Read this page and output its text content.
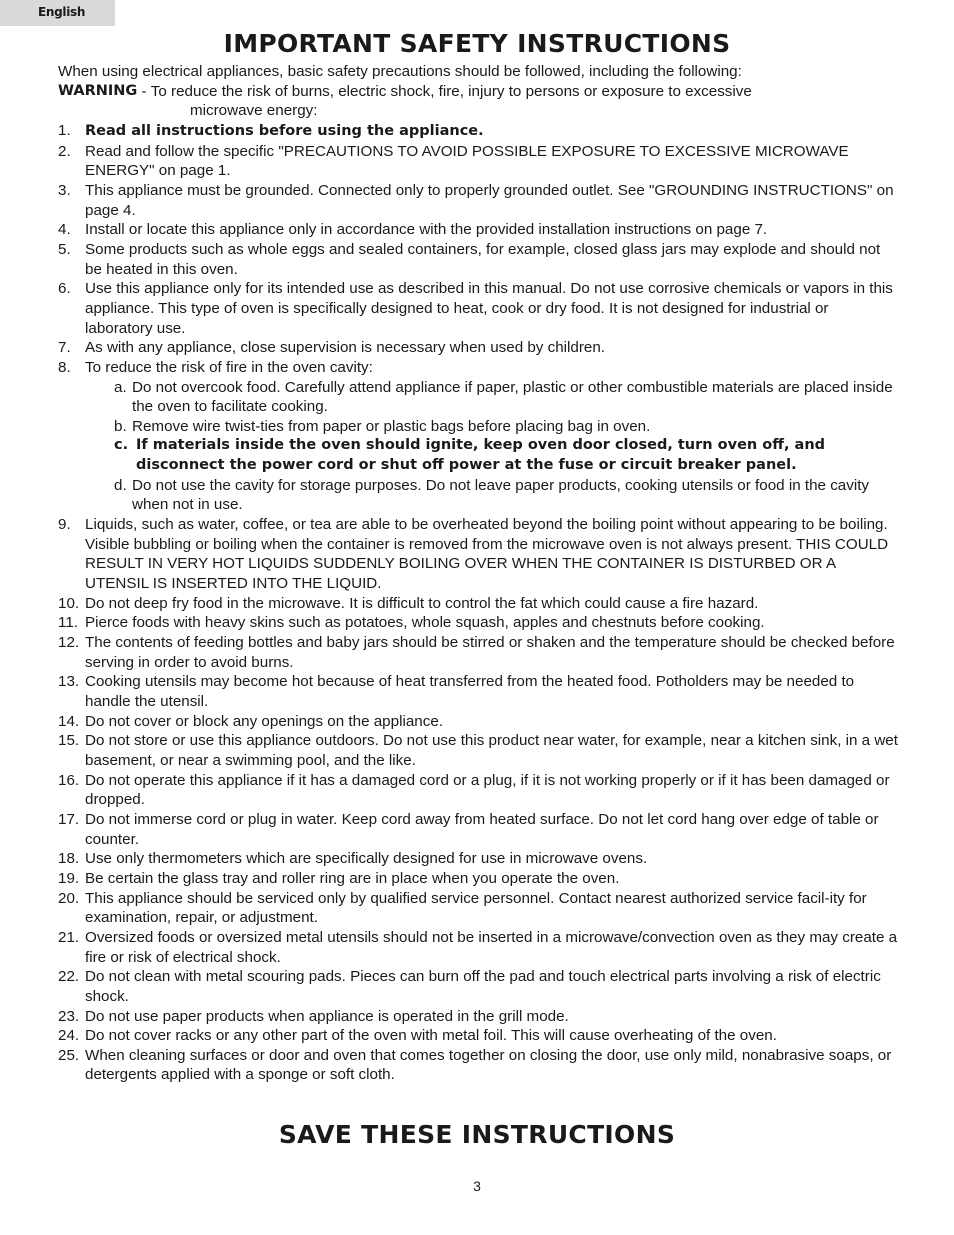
English
IMPORTANT SAFETY INSTRUCTIONS

When using electrical appliances, basic safety precautions should be followed, including the following:

WARNING - To reduce the risk of burns, electric shock, fire, injury to persons or exposure to excessive
microwave energy:
1. Read all instructions before using the appliance.
2. Read and follow the specific "PRECAUTIONS TO AVOID POSSIBLE EXPOSURE TO EXCESSIVE MICROWAVE ENERGY" on page 1.
3. This appliance must be grounded. Connected only to properly grounded outlet. See "GROUNDING INSTRUCTIONS" on page 4.
4. Install or locate this appliance only in accordance with the provided installation instructions on page 7.
5. Some products such as whole eggs and sealed containers, for example, closed glass jars may explode and should not be heated in this oven.
6. Use this appliance only for its intended use as described in this manual. Do not use corrosive chemicals or vapors in this appliance. This type of oven is specifically designed to heat, cook or dry food. It is not designed for industrial or laboratory use.
7. As with any appliance, close supervision is necessary when used by children.
8. To reduce the risk of fire in the oven cavity:
a. Do not overcook food. Carefully attend appliance if paper, plastic or other combustible materials are placed inside the oven to facilitate cooking.
b. Remove wire twist-ties from paper or plastic bags before placing bag in oven.
c. If materials inside the oven should ignite, keep oven door closed, turn oven off, and disconnect the power cord or shut off power at the fuse or circuit breaker panel.
d. Do not use the cavity for storage purposes. Do not leave paper products, cooking utensils or food in the cavity when not in use.
9. Liquids, such as water, coffee, or tea are able to be overheated beyond the boiling point without appearing to be boiling. Visible bubbling or boiling when the container is removed from the microwave oven is not always present. THIS COULD RESULT IN VERY HOT LIQUIDS SUDDENLY BOILING OVER WHEN THE CONTAINER IS DISTURBED OR A UTENSIL IS INSERTED INTO THE LIQUID.
10. Do not deep fry food in the microwave. It is difficult to control the fat which could cause a fire hazard.
11. Pierce foods with heavy skins such as potatoes, whole squash, apples and chestnuts before cooking.
12. The contents of feeding bottles and baby jars should be stirred or shaken and the temperature should be checked before serving in order to avoid burns.
13. Cooking utensils may become hot because of heat transferred from the heated food. Potholders may be needed to handle the utensil.
14. Do not cover or block any openings on the appliance.
15. Do not store or use this appliance outdoors. Do not use this product near water, for example, near a kitchen sink, in a wet basement, or near a swimming pool, and the like.
16. Do not operate this appliance if it has a damaged cord or a plug, if it is not working properly or if it has been damaged or dropped.
17. Do not immerse cord or plug in water. Keep cord away from heated surface. Do not let cord hang over edge of table or counter.
18. Use only thermometers which are specifically designed for use in microwave ovens.
19. Be certain the glass tray and roller ring are in place when you operate the oven.
20. This appliance should be serviced only by qualified service personnel. Contact nearest authorized service facil-ity for examination, repair, or adjustment.
21. Oversized foods or oversized metal utensils should not be inserted in a microwave/convection oven as they may create a fire or risk of electrical shock.
22. Do not clean with metal scouring pads. Pieces can burn off the pad and touch electrical parts involving a risk of electric shock.
23. Do not use paper products when appliance is operated in the grill mode.
24. Do not cover racks or any other part of the oven with metal foil. This will cause overheating of the oven.
25. When cleaning surfaces or door and oven that comes together on closing the door, use only mild, nonabrasive soaps, or detergents applied with a sponge or soft cloth.
SAVE THESE INSTRUCTIONS
3
